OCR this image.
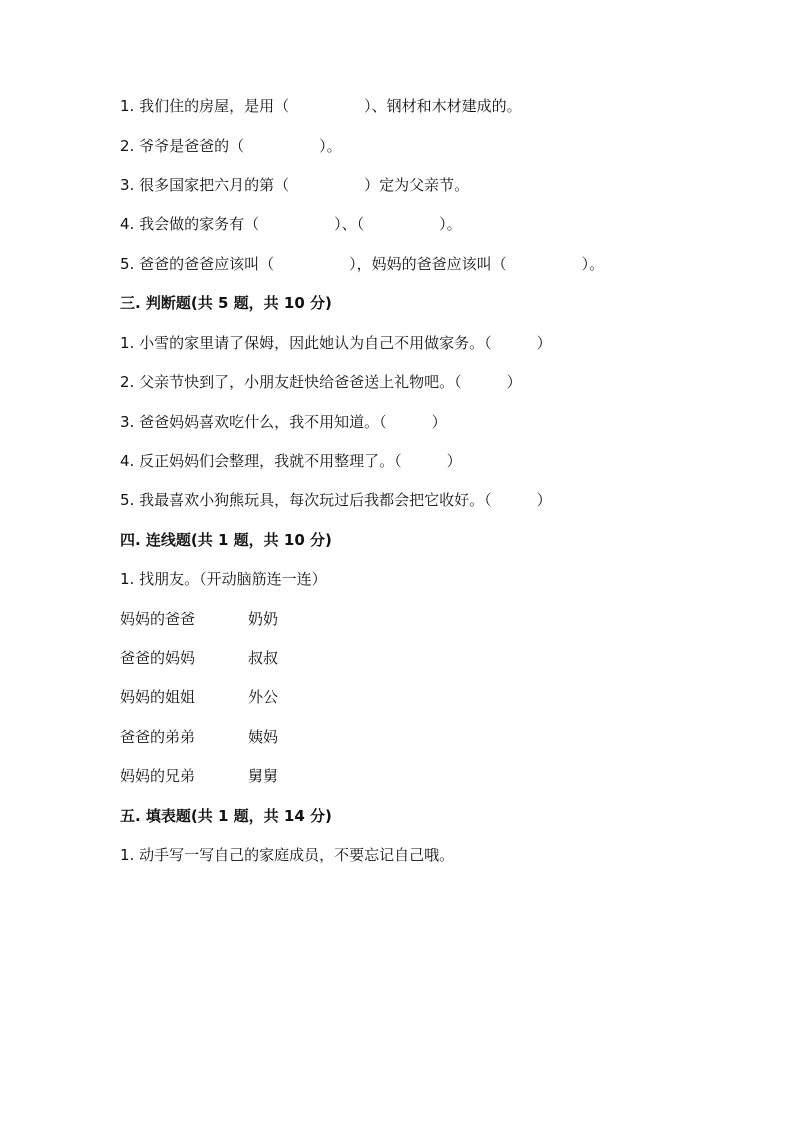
1. 我们住的房屋，是用（　　　　　）、钢材和木材建成的。

2. 爷爷是爸爸的（　　　　　）。

3. 很多国家把六月的第（　　　　　）定为父亲节。

4. 我会做的家务有（　　　　　）、（　　　　　）。

5. 爸爸的爸爸应该叫（　　　　　），妈妈的爸爸应该叫（　　　　　）。

三. 判断题(共 5 题，共 10 分)

1. 小雪的家里请了保姆，因此她认为自己不用做家务。（　　　）

2. 父亲节快到了，小朋友赶快给爸爸送上礼物吧。（　　　）

3. 爸爸妈妈喜欢吃什么，我不用知道。（　　　）

4. 反正妈妈们会整理，我就不用整理了。（　　　）

5. 我最喜欢小狗熊玩具，每次玩过后我都会把它收好。（　　　）

四. 连线题(共 1 题，共 10 分)

1. 找朋友。（开动脑筋连一连）

妈妈的爸爸	奶奶
爸爸的妈妈	叔叔
妈妈的姐姐	外公
爸爸的弟弟	姨妈
妈妈的兄弟	舅舅

五. 填表题(共 1 题，共 14 分)

1. 动手写一写自己的家庭成员，不要忘记自己哦。
